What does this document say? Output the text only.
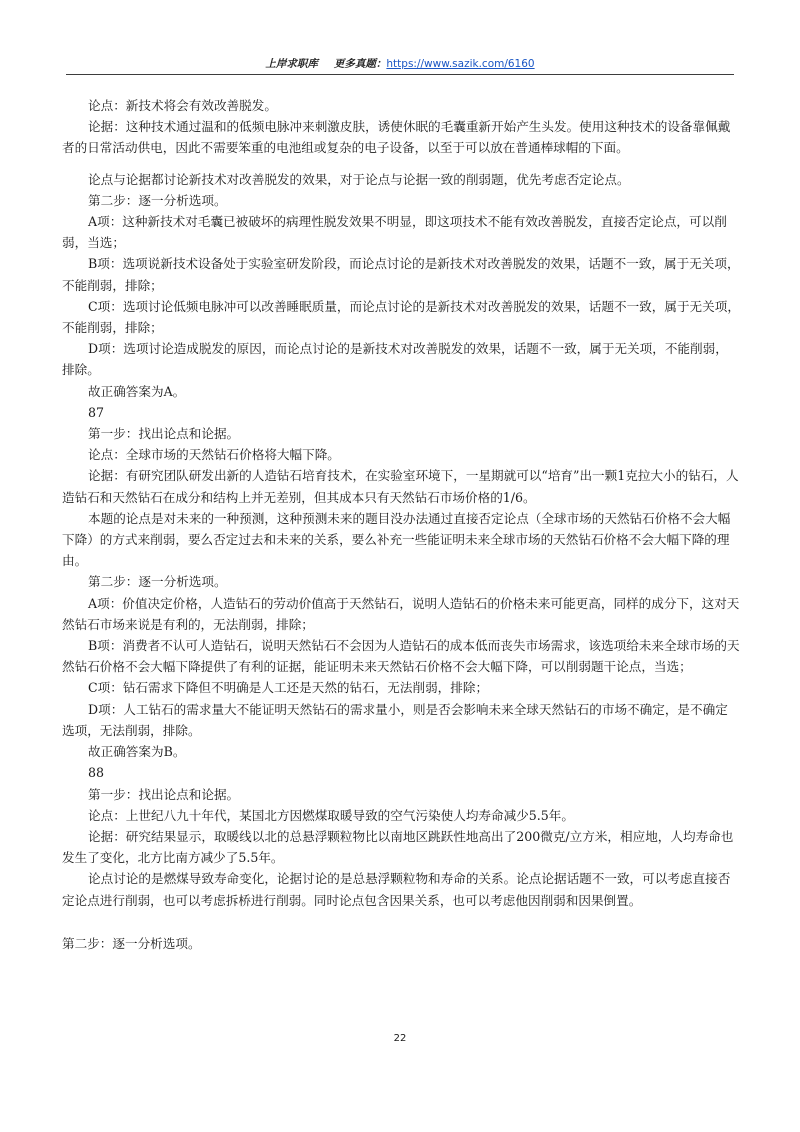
上岸求职库 更多真题：https://www.sazik.com/6160

论点：新技术将会有效改善脱发。

论据：这种技术通过温和的低频电脉冲来刺激皮肤，诱使休眠的毛囊重新开始产生头发。使用这种技术的设备靠佩戴者的日常活动供电，因此不需要笨重的电池组或复杂的电子设备，以至于可以放在普通棒球帽的下面。

论点与论据都讨论新技术对改善脱发的效果，对于论点与论据一致的削弱题，优先考虑否定论点。

第二步：逐一分析选项。

A项：这种新技术对毛囊已被破坏的病理性脱发效果不明显，即这项技术不能有效改善脱发，直接否定论点，可以削弱，当选；

B项：选项说新技术设备处于实验室研发阶段，而论点讨论的是新技术对改善脱发的效果，话题不一致，属于无关项，不能削弱，排除；

C项：选项讨论低频电脉冲可以改善睡眠质量，而论点讨论的是新技术对改善脱发的效果，话题不一致，属于无关项，不能削弱，排除；

D项：选项讨论造成脱发的原因，而论点讨论的是新技术对改善脱发的效果，话题不一致，属于无关项，不能削弱，排除。

故正确答案为A。

87

第一步：找出论点和论据。

论点：全球市场的天然钻石价格将大幅下降。

论据：有研究团队研发出新的人造钻石培育技术，在实验室环境下，一星期就可以“培育”出一颗1克拉大小的钻石，人造钻石和天然钻石在成分和结构上并无差别，但其成本只有天然钻石市场价格的1/6。

本题的论点是对未来的一种预测，这种预测未来的题目没办法通过直接否定论点（全球市场的天然钻石价格不会大幅下降）的方式来削弱，要么否定过去和未来的关系，要么补充一些能证明未来全球市场的天然钻石价格不会大幅下降的理由。

第二步：逐一分析选项。

A项：价值决定价格，人造钻石的劳动价值高于天然钻石，说明人造钻石的价格未来可能更高，同样的成分下，这对天然钻石市场来说是有利的，无法削弱，排除；

B项：消费者不认可人造钻石，说明天然钻石不会因为人造钻石的成本低而丧失市场需求，该选项给未来全球市场的天然钻石价格不会大幅下降提供了有利的证据，能证明未来天然钻石价格不会大幅下降，可以削弱题干论点，当选；

C项：钻石需求下降但不明确是人工还是天然的钻石，无法削弱，排除；

D项：人工钻石的需求量大不能证明天然钻石的需求量小，则是否会影响未来全球天然钻石的市场不确定，是不确定选项，无法削弱，排除。

故正确答案为B。

88

第一步：找出论点和论据。

论点：上世纪八九十年代，某国北方因燃煤取暖导致的空气污染使人均寿命减少5.5年。

论据：研究结果显示，取暖线以北的总悬浮颗粒物比以南地区跳跃性地高出了200微克/立方米，相应地，人均寿命也发生了变化，北方比南方减少了5.5年。

论点讨论的是燃煤导致寿命变化，论据讨论的是总悬浮颗粒物和寿命的关系。论点论据话题不一致，可以考虑直接否定论点进行削弱，也可以考虑拆桥进行削弱。同时论点包含因果关系，也可以考虑他因削弱和因果倒置。

第二步：逐一分析选项。

22
